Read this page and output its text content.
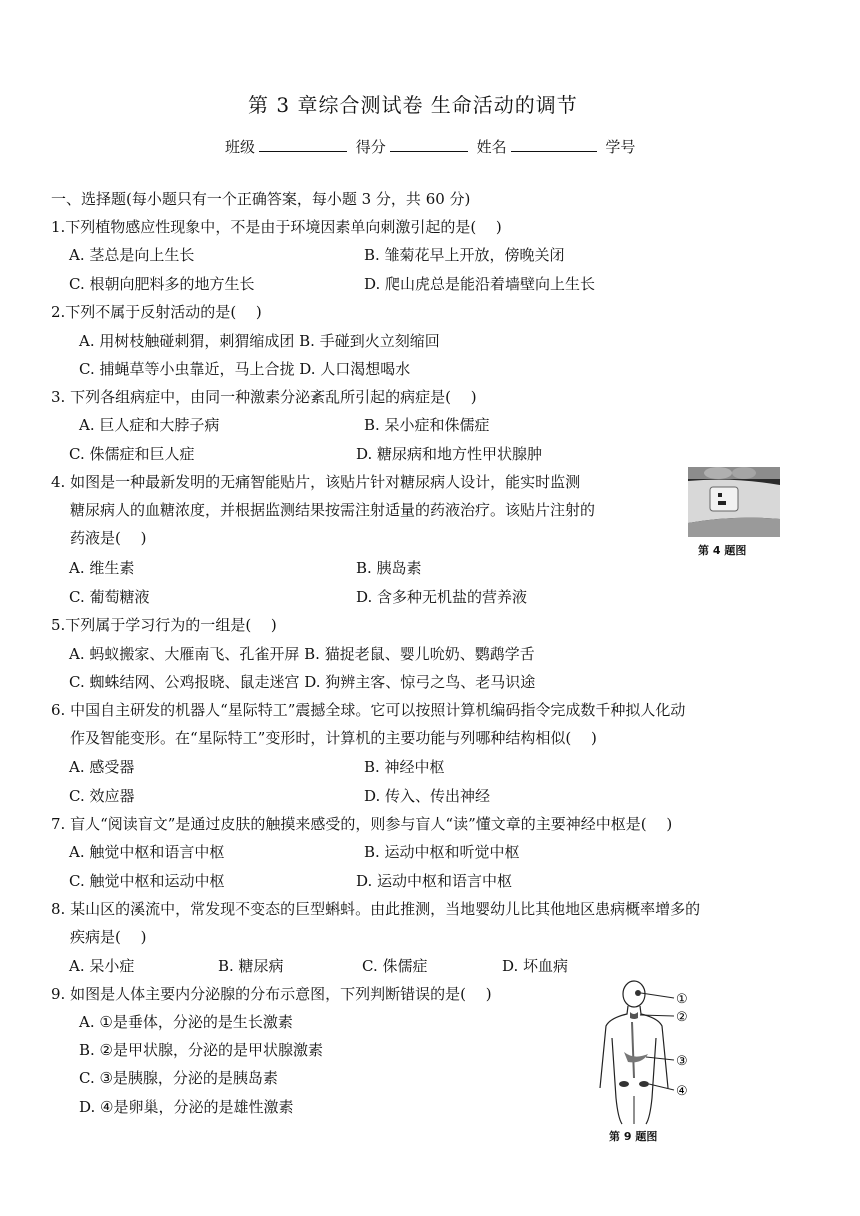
第 3 章综合测试卷 生命活动的调节
班级	得分	姓名	学号
一、选择题(每小题只有一个正确答案，每小题 3 分，共 60 分)
1.下列植物感应性现象中，不是由于环境因素单向刺激引起的是(　 )
A. 茎总是向上生长	B. 雏菊花早上开放，傍晚关闭
C. 根朝向肥料多的地方生长	D. 爬山虎总是能沿着墙壁向上生长
2.下列不属于反射活动的是(　 )
A. 用树枝触碰刺猬，刺猬缩成团 B. 手碰到火立刻缩回
C. 捕蝇草等小虫靠近，马上合拢 D. 人口渴想喝水
3. 下列各组病症中，由同一种激素分泌紊乱所引起的病症是(　 )
A. 巨人症和大脖子病	B. 呆小症和侏儒症
C. 侏儒症和巨人症	D. 糖尿病和地方性甲状腺肿
4. 如图是一种最新发明的无痛智能贴片，该贴片针对糖尿病人设计，能实时监测
糖尿病人的血糖浓度，并根据监测结果按需注射适量的药液治疗。该贴片注射的
药液是(　 )
A. 维生素	B. 胰岛素
C. 葡萄糖液	D. 含多种无机盐的营养液
第 4 题图
5.下列属于学习行为的一组是(　 )
A. 蚂蚁搬家、大雁南飞、孔雀开屏 B. 猫捉老鼠、婴儿吮奶、鹦鹉学舌
C. 蜘蛛结网、公鸡报晓、鼠走迷宫 D. 狗辨主客、惊弓之鸟、老马识途
6. 中国自主研发的机器人“星际特工”震撼全球。它可以按照计算机编码指令完成数千种拟人化动
作及智能变形。在“星际特工”变形时，计算机的主要功能与列哪种结构相似(　 )
A. 感受器	B. 神经中枢
C. 效应器	D. 传入、传出神经
7. 盲人“阅读盲文”是通过皮肤的触摸来感受的，则参与盲人“读”懂文章的主要神经中枢是(　 )
A. 触觉中枢和语言中枢	B. 运动中枢和听觉中枢
C. 触觉中枢和运动中枢	D. 运动中枢和语言中枢
8. 某山区的溪流中，常发现不变态的巨型蝌蚪。由此推测，当地婴幼儿比其他地区患病概率增多的
疾病是(　 )
A. 呆小症	B. 糖尿病	C. 侏儒症	D. 坏血病
9. 如图是人体主要内分泌腺的分布示意图，下列判断错误的是(　 )
A. ①是垂体，分泌的是生长激素
B. ②是甲状腺，分泌的是甲状腺激素
C. ③是胰腺，分泌的是胰岛素
D. ④是卵巢，分泌的是雄性激素
①
②
③
④
第 9 题图
